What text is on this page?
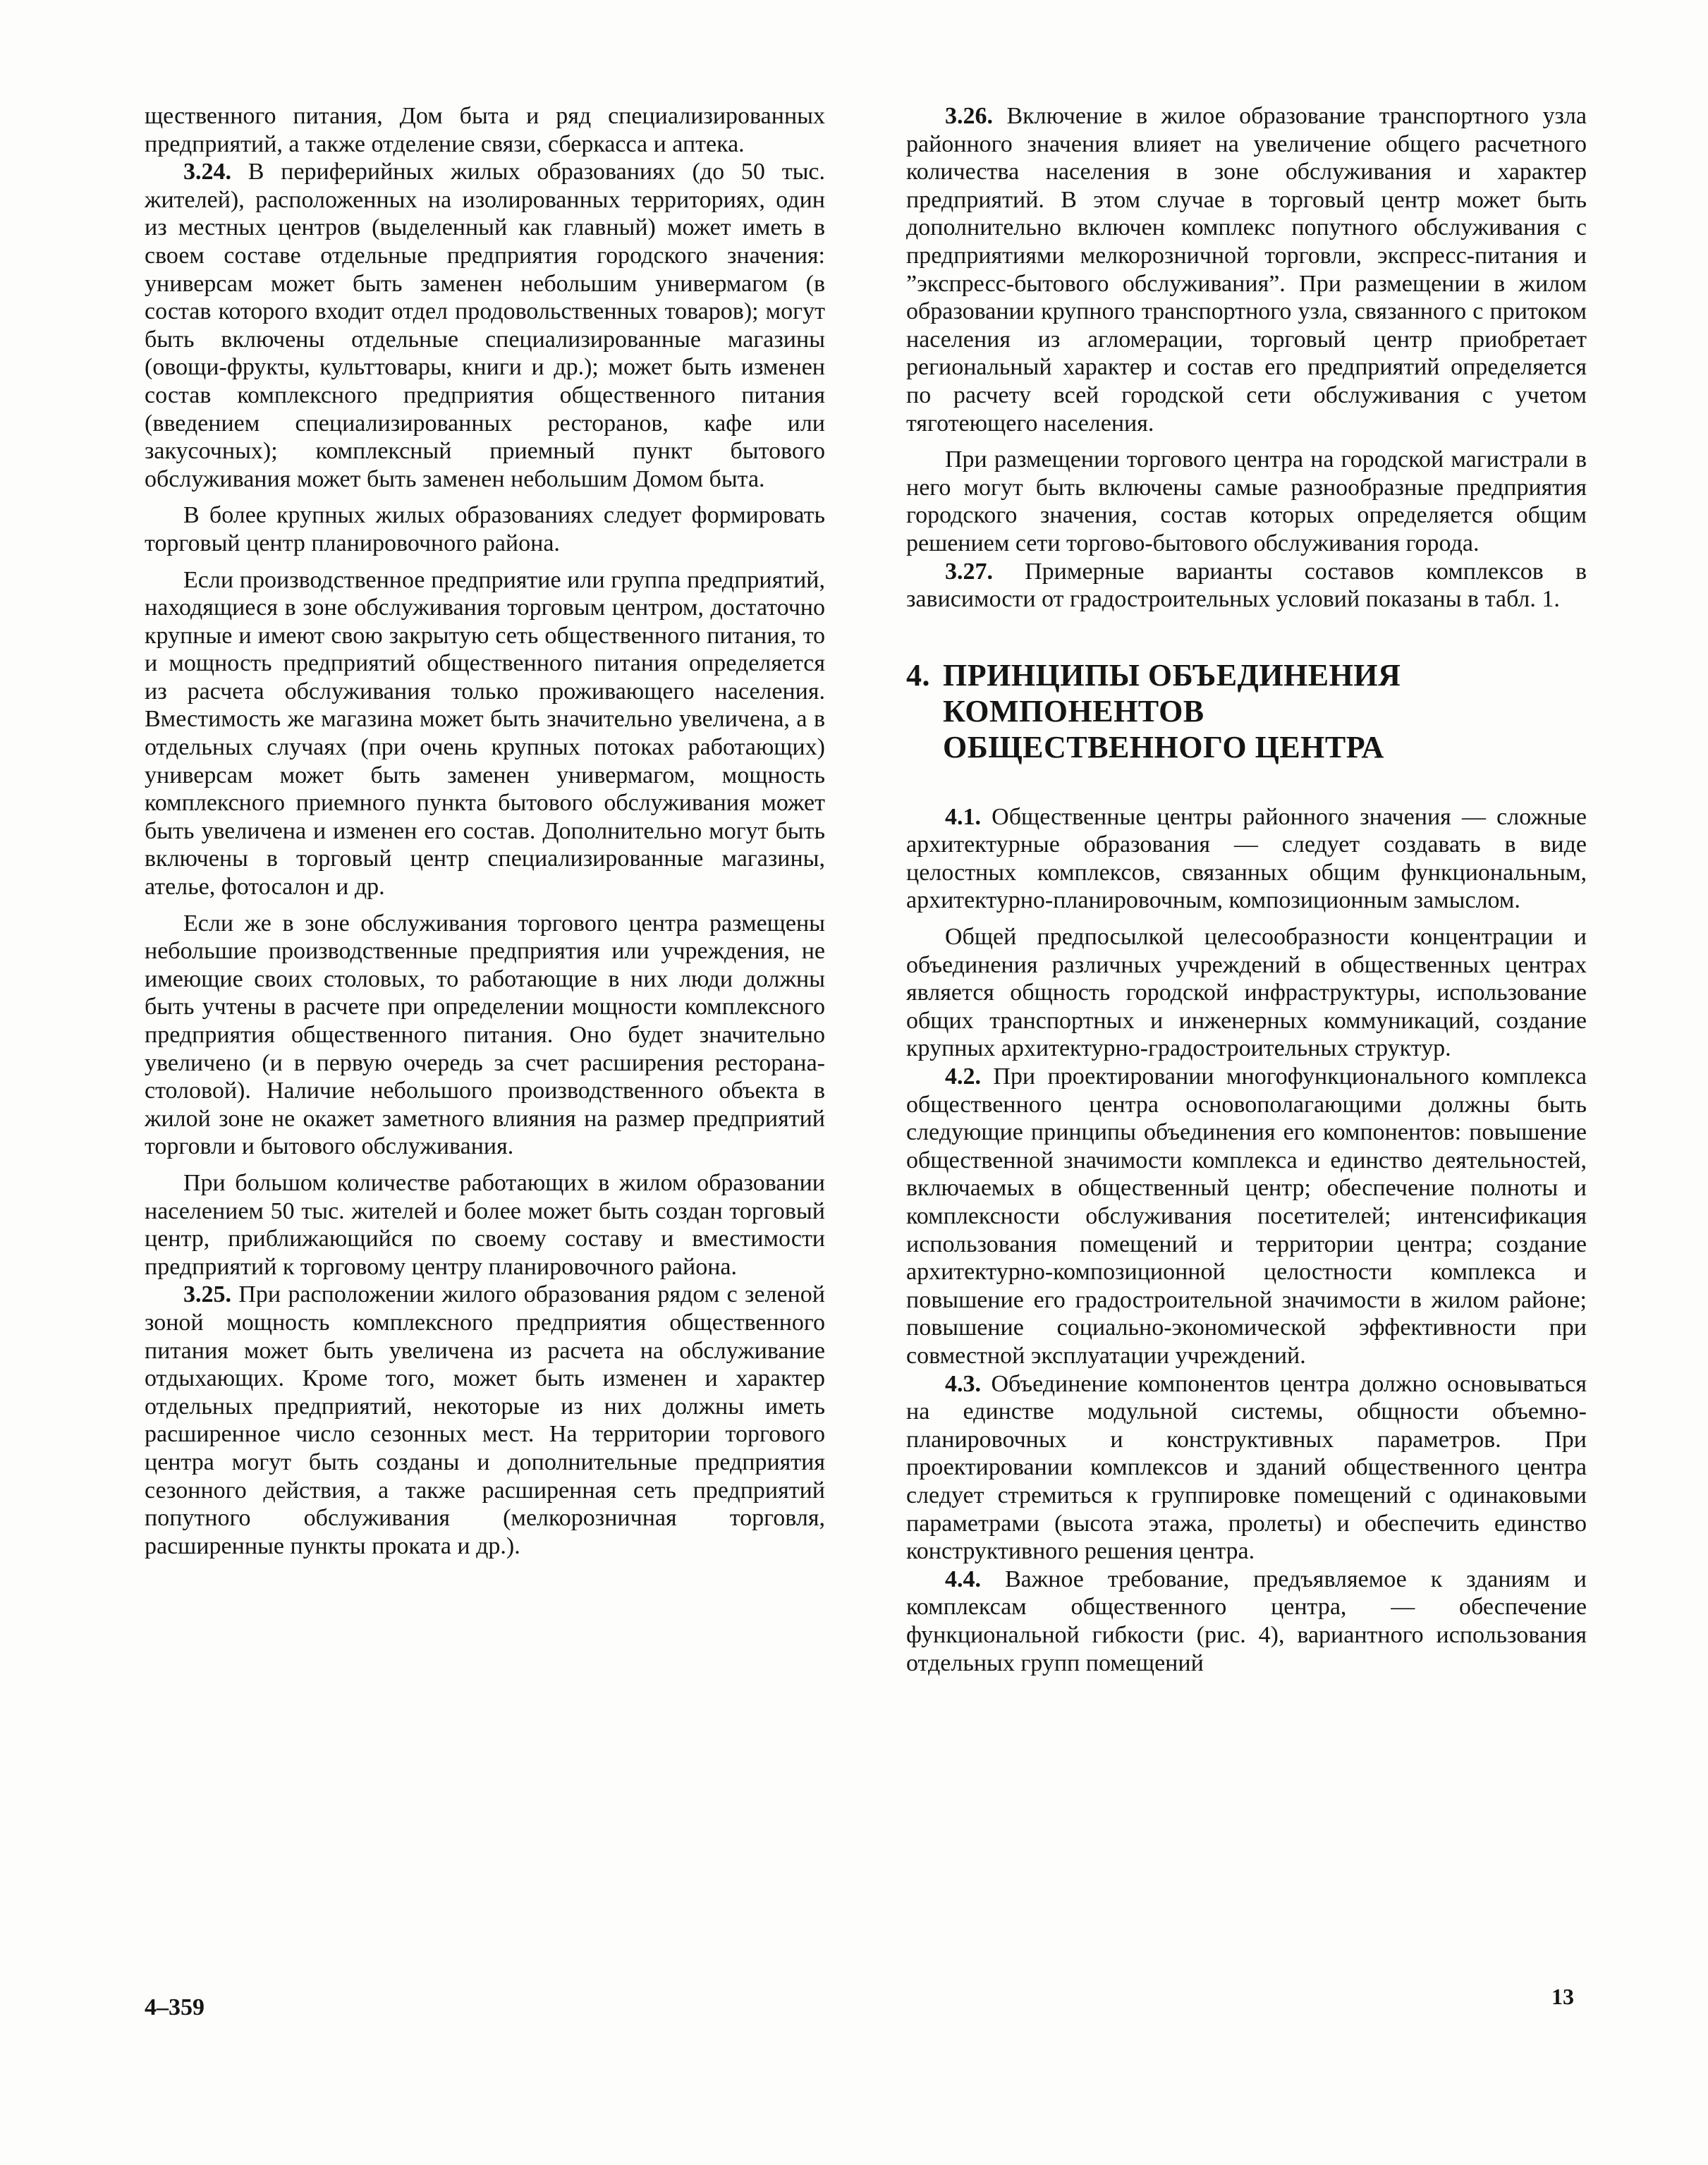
щественного питания, Дом быта и ряд специализированных предприятий, а также отделение связи, сберкасса и аптека.

3.24. В периферийных жилых образованиях (до 50 тыс. жителей), расположенных на изолированных территориях, один из местных центров (выделенный как главный) может иметь в своем составе отдельные предприятия городского значения: универсам может быть заменен небольшим универмагом (в состав которого входит отдел продовольственных товаров); могут быть включены отдельные специализированные магазины (овощи-фрукты, культтовары, книги и др.); может быть изменен состав комплексного предприятия общественного питания (введением специализированных ресторанов, кафе или закусочных); комплексный приемный пункт бытового обслуживания может быть заменен небольшим Домом быта.

В более крупных жилых образованиях следует формировать торговый центр планировочного района.

Если производственное предприятие или группа предприятий, находящиеся в зоне обслуживания торговым центром, достаточно крупные и имеют свою закрытую сеть общественного питания, то и мощность предприятий общественного питания определяется из расчета обслуживания только проживающего населения. Вместимость же магазина может быть значительно увеличена, а в отдельных случаях (при очень крупных потоках работающих) универсам может быть заменен универмагом, мощность комплексного приемного пункта бытового обслуживания может быть увеличена и изменен его состав. Дополнительно могут быть включены в торговый центр специализированные магазины, ателье, фотосалон и др.

Если же в зоне обслуживания торгового центра размещены небольшие производственные предприятия или учреждения, не имеющие своих столовых, то работающие в них люди должны быть учтены в расчете при определении мощности комплексного предприятия общественного питания. Оно будет значительно увеличено (и в первую очередь за счет расширения ресторана-столовой). Наличие небольшого производственного объекта в жилой зоне не окажет заметного влияния на размер предприятий торговли и бытового обслуживания.

При большом количестве работающих в жилом образовании населением 50 тыс. жителей и более может быть создан торговый центр, приближающийся по своему составу и вместимости предприятий к торговому центру планировочного района.

3.25. При расположении жилого образования рядом с зеленой зоной мощность комплексного предприятия общественного питания может быть увеличена из расчета на обслуживание отдыхающих. Кроме того, может быть изменен и характер отдельных предприятий, некоторые из них должны иметь расширенное число сезонных мест. На территории торгового центра могут быть созданы и дополнительные предприятия сезонного действия, а также расширенная сеть предприятий попутного обслуживания (мелкорозничная торговля, расширенные пункты проката и др.).

3.26. Включение в жилое образование транспортного узла районного значения влияет на увеличение общего расчетного количества населения в зоне обслуживания и характер предприятий. В этом случае в торговый центр может быть дополнительно включен комплекс попутного обслуживания с предприятиями мелкорозничной торговли, экспресс-питания и ”экспресс-бытового обслуживания”. При размещении в жилом образовании крупного транспортного узла, связанного с притоком населения из агломерации, торговый центр приобретает региональный характер и состав его предприятий определяется по расчету всей городской сети обслуживания с учетом тяготеющего населения.

При размещении торгового центра на городской магистрали в него могут быть включены самые разнообразные предприятия городского значения, состав которых определяется общим решением сети торгово-бытового обслуживания города.

3.27. Примерные варианты составов комплексов в зависимости от градостроительных условий показаны в табл. 1.

4. ПРИНЦИПЫ ОБЪЕДИНЕНИЯ
КОМПОНЕНТОВ
ОБЩЕСТВЕННОГО ЦЕНТРА

4.1. Общественные центры районного значения — сложные архитектурные образования — следует создавать в виде целостных комплексов, связанных общим функциональным, архитектурно-планировочным, композиционным замыслом.

Общей предпосылкой целесообразности концентрации и объединения различных учреждений в общественных центрах является общность городской инфраструктуры, использование общих транспортных и инженерных коммуникаций, создание крупных архитектурно-градостроительных структур.

4.2. При проектировании многофункционального комплекса общественного центра основополагающими должны быть следующие принципы объединения его компонентов: повышение общественной значимости комплекса и единство деятельностей, включаемых в общественный центр; обеспечение полноты и комплексности обслуживания посетителей; интенсификация использования помещений и территории центра; создание архитектурно-композиционной целостности комплекса и повышение его градостроительной значимости в жилом районе; повышение социально-экономической эффективности при совместной эксплуатации учреждений.

4.3. Объединение компонентов центра должно основываться на единстве модульной системы, общности объемно-планировочных и конструктивных параметров. При проектировании комплексов и зданий общественного центра следует стремиться к группировке помещений с одинаковыми параметрами (высота этажа, пролеты) и обеспечить единство конструктивного решения центра.

4.4. Важное требование, предъявляемое к зданиям и комплексам общественного центра, — обеспечение функциональной гибкости (рис. 4), вариантного использования отдельных групп помещений

4–359	13
